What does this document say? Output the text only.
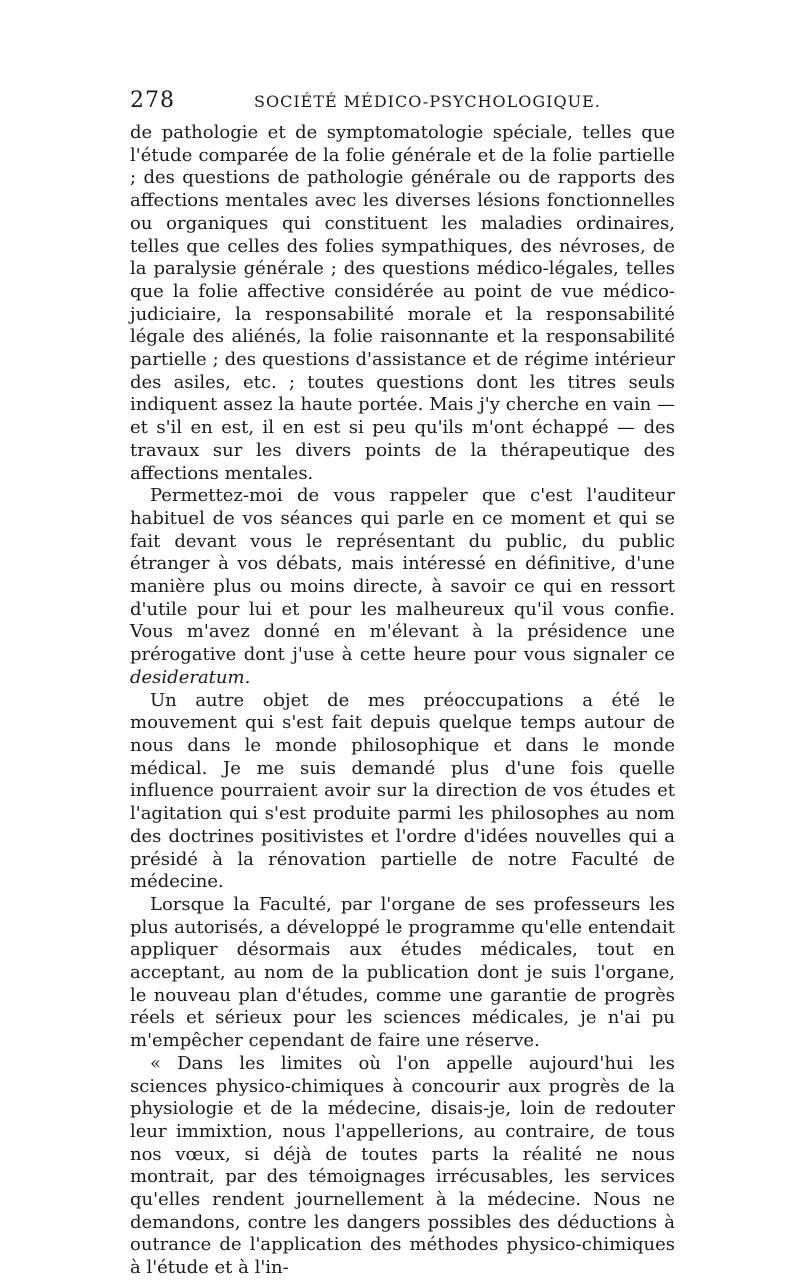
278	SOCIÉTÉ MÉDICO-PSYCHOLOGIQUE.

de pathologie et de symptomatologie spéciale, telles que l'étude comparée de la folie générale et de la folie partielle ; des questions de pathologie générale ou de rapports des affections mentales avec les diverses lésions fonctionnelles ou organiques qui constituent les maladies ordinaires, telles que celles des folies sympathiques, des névroses, de la paralysie générale ; des questions médico-légales, telles que la folie affective considérée au point de vue médico-judiciaire, la responsabilité morale et la responsabilité légale des aliénés, la folie raisonnante et la responsabilité partielle ; des questions d'assistance et de régime intérieur des asiles, etc. ; toutes questions dont les titres seuls indiquent assez la haute portée. Mais j'y cherche en vain — et s'il en est, il en est si peu qu'ils m'ont échappé — des travaux sur les divers points de la thérapeutique des affections mentales.

Permettez-moi de vous rappeler que c'est l'auditeur habituel de vos séances qui parle en ce moment et qui se fait devant vous le représentant du public, du public étranger à vos débats, mais intéressé en définitive, d'une manière plus ou moins directe, à savoir ce qui en ressort d'utile pour lui et pour les malheureux qu'il vous confie. Vous m'avez donné en m'élevant à la présidence une prérogative dont j'use à cette heure pour vous signaler ce desideratum.

Un autre objet de mes préoccupations a été le mouvement qui s'est fait depuis quelque temps autour de nous dans le monde philosophique et dans le monde médical. Je me suis demandé plus d'une fois quelle influence pourraient avoir sur la direction de vos études et l'agitation qui s'est produite parmi les philosophes au nom des doctrines positivistes et l'ordre d'idées nouvelles qui a présidé à la rénovation partielle de notre Faculté de médecine.

Lorsque la Faculté, par l'organe de ses professeurs les plus autorisés, a développé le programme qu'elle entendait appliquer désormais aux études médicales, tout en acceptant, au nom de la publication dont je suis l'organe, le nouveau plan d'études, comme une garantie de progrès réels et sérieux pour les sciences médicales, je n'ai pu m'empêcher cependant de faire une réserve.

« Dans les limites où l'on appelle aujourd'hui les sciences physico-chimiques à concourir aux progrès de la physiologie et de la médecine, disais-je, loin de redouter leur immixtion, nous l'appellerions, au contraire, de tous nos vœux, si déjà de toutes parts la réalité ne nous montrait, par des témoignages irrécusables, les services qu'elles rendent journellement à la médecine. Nous ne demandons, contre les dangers possibles des déductions à outrance de l'application des méthodes physico-chimiques à l'étude et à l'in-
